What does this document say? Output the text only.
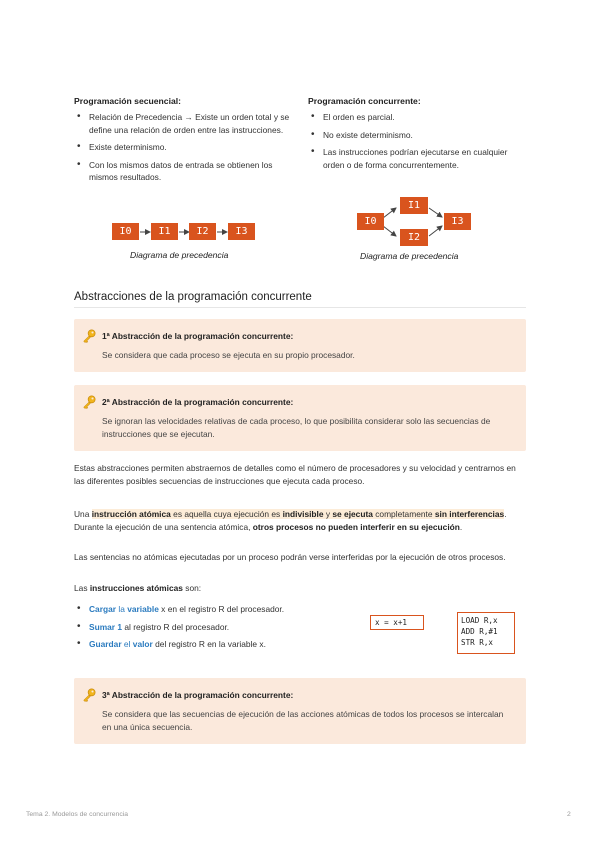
Programación secuencial:
• Relación de Precedencia → Existe un orden total y se define una relación de orden entre las instrucciones.
• Existe determinismo.
• Con los mismos datos de entrada se obtienen los mismos resultados.
I0	I1	I2	I3
Diagrama de precedencia
Programación concurrente:
• El orden es parcial.
• No existe determinismo.
• Las instrucciones podrían ejecutarse en cualquier orden o de forma concurrentemente.
I0
I1
I2
I3
Diagrama de precedencia
Abstracciones de la programación concurrente
1ª Abstracción de la programación concurrente:
Se considera que cada proceso se ejecuta en su propio procesador.
2ª Abstracción de la programación concurrente:
Se ignoran las velocidades relativas de cada proceso, lo que posibilita considerar solo las secuencias de instrucciones que se ejecutan.
Estas abstracciones permiten abstraernos de detalles como el número de procesadores y su velocidad y centrarnos en las diferentes posibles secuencias de instrucciones que ejecuta cada proceso.
Una instrucción atómica es aquella cuya ejecución es indivisible y se ejecuta completamente sin interferencias. Durante la ejecución de una sentencia atómica, otros procesos no pueden interferir en su ejecución.
Las sentencias no atómicas ejecutadas por un proceso podrán verse interferidas por la ejecución de otros procesos.
Las instrucciones atómicas son:
• Cargar la variable x en el registro R del procesador.
• Sumar 1 al registro R del procesador.
• Guardar el valor del registro R en la variable x.
x = x+1	LOAD R,x
ADD R,#1
STR R,x
3ª Abstracción de la programación concurrente:
Se considera que las secuencias de ejecución de las acciones atómicas de todos los procesos se intercalan en una única secuencia.
Tema 2. Modelos de concurrencia	2
